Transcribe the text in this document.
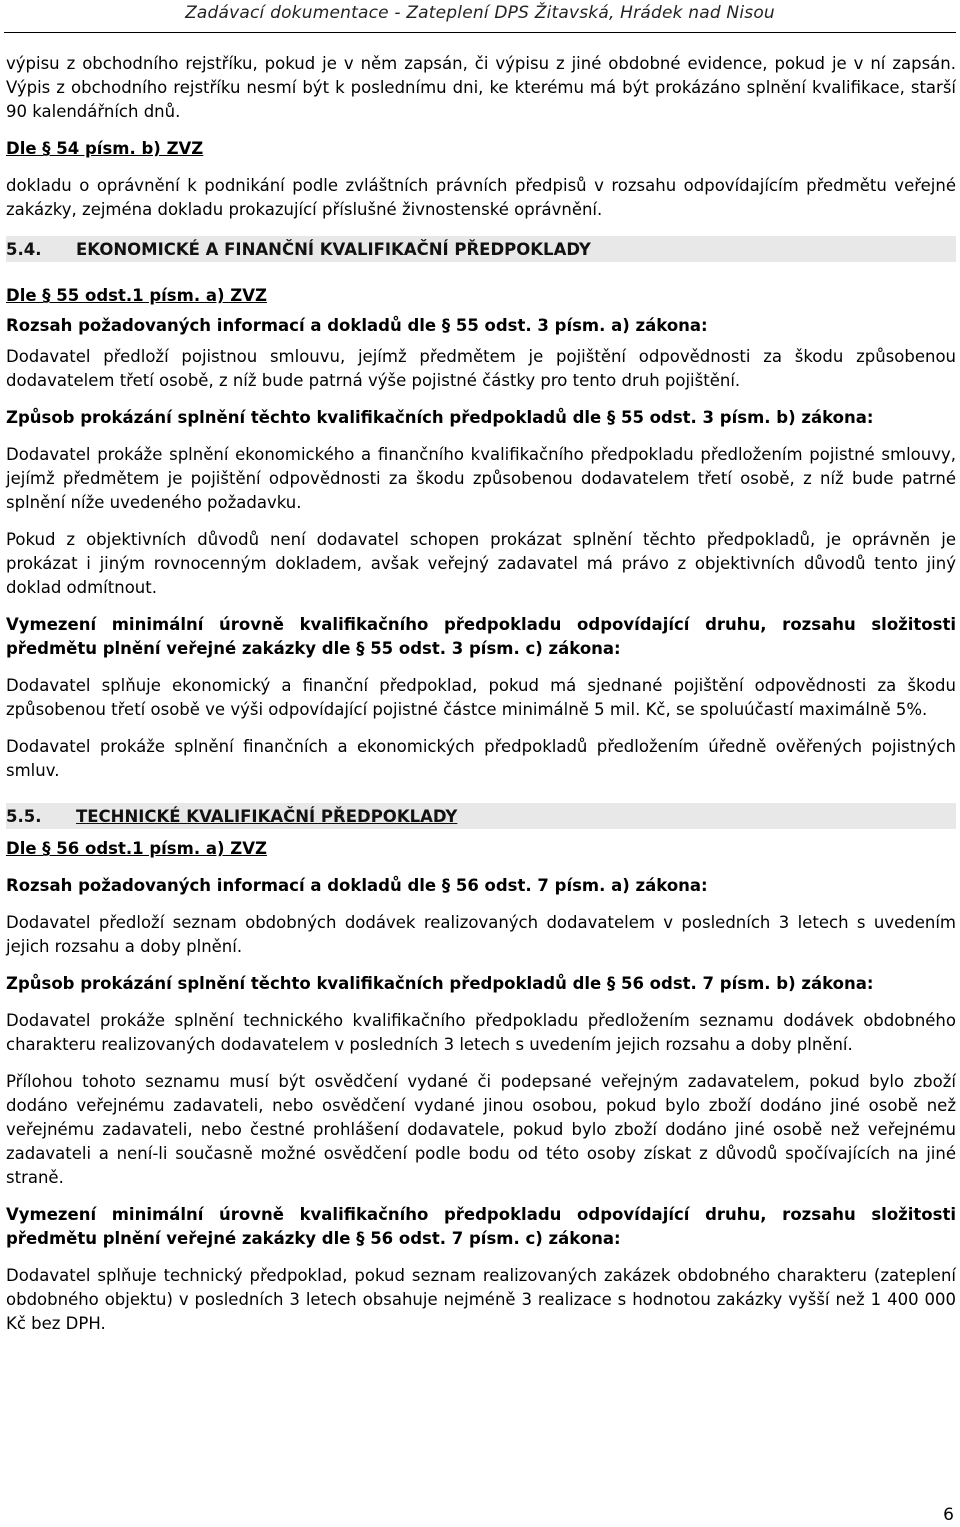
Zadávací dokumentace - Zateplení DPS Žitavská, Hrádek nad Nisou

výpisu z obchodního rejstříku, pokud je v něm zapsán, či výpisu z jiné obdobné evidence, pokud je v ní zapsán. Výpis z obchodního rejstříku nesmí být k poslednímu dni, ke kterému má být prokázáno splnění kvalifikace, starší 90 kalendářních dnů.

Dle § 54 písm. b) ZVZ

dokladu o oprávnění k podnikání podle zvláštních právních předpisů v rozsahu odpovídajícím předmětu veřejné zakázky, zejména dokladu prokazující příslušné živnostenské oprávnění.

5.4.	EKONOMICKÉ A FINANČNÍ KVALIFIKAČNÍ PŘEDPOKLADY

Dle § 55 odst.1 písm. a) ZVZ

Rozsah požadovaných informací a dokladů dle § 55 odst. 3 písm. a) zákona:

Dodavatel předloží pojistnou smlouvu, jejímž předmětem je pojištění odpovědnosti za škodu způsobenou dodavatelem třetí osobě, z níž bude patrná výše pojistné částky pro tento druh pojištění.

Způsob prokázání splnění těchto kvalifikačních předpokladů dle § 55 odst. 3 písm. b) zákona:

Dodavatel prokáže splnění ekonomického a finančního kvalifikačního předpokladu předložením pojistné smlouvy, jejímž předmětem je pojištění odpovědnosti za škodu způsobenou dodavatelem třetí osobě, z níž bude patrné splnění níže uvedeného požadavku.

Pokud z objektivních důvodů není dodavatel schopen prokázat splnění těchto předpokladů, je oprávněn je prokázat i jiným rovnocenným dokladem, avšak veřejný zadavatel má právo z objektivních důvodů tento jiný doklad odmítnout.

Vymezení minimální úrovně kvalifikačního předpokladu odpovídající druhu, rozsahu složitosti předmětu plnění veřejné zakázky dle § 55 odst. 3 písm. c) zákona:

Dodavatel splňuje ekonomický a finanční předpoklad, pokud má sjednané pojištění odpovědnosti za škodu způsobenou třetí osobě ve výši odpovídající pojistné částce minimálně 5 mil. Kč, se spoluúčastí maximálně 5%.

Dodavatel prokáže splnění finančních a ekonomických předpokladů předložením úředně ověřených pojistných smluv.

5.5.	TECHNICKÉ KVALIFIKAČNÍ PŘEDPOKLADY

Dle § 56 odst.1 písm. a) ZVZ

Rozsah požadovaných informací a dokladů dle § 56 odst. 7 písm. a) zákona:

Dodavatel předloží seznam obdobných dodávek realizovaných dodavatelem v posledních 3 letech s uvedením jejich rozsahu a doby plnění.

Způsob prokázání splnění těchto kvalifikačních předpokladů dle § 56 odst. 7 písm. b) zákona:

Dodavatel prokáže splnění technického kvalifikačního předpokladu předložením seznamu dodávek obdobného charakteru realizovaných dodavatelem v posledních 3 letech s uvedením jejich rozsahu a doby plnění.

Přílohou tohoto seznamu musí být osvědčení vydané či podepsané veřejným zadavatelem, pokud bylo zboží dodáno veřejnému zadavateli, nebo osvědčení vydané jinou osobou, pokud bylo zboží dodáno jiné osobě než veřejnému zadavateli, nebo čestné prohlášení dodavatele, pokud bylo zboží dodáno jiné osobě než veřejnému zadavateli a není-li současně možné osvědčení podle bodu od této osoby získat z důvodů spočívajících na jiné straně.

Vymezení minimální úrovně kvalifikačního předpokladu odpovídající druhu, rozsahu složitosti předmětu plnění veřejné zakázky dle § 56 odst. 7 písm. c) zákona:

Dodavatel splňuje technický předpoklad, pokud seznam realizovaných zakázek obdobného charakteru (zateplení obdobného objektu) v posledních 3 letech obsahuje nejméně 3 realizace s hodnotou zakázky vyšší než 1 400 000 Kč bez DPH.

6
